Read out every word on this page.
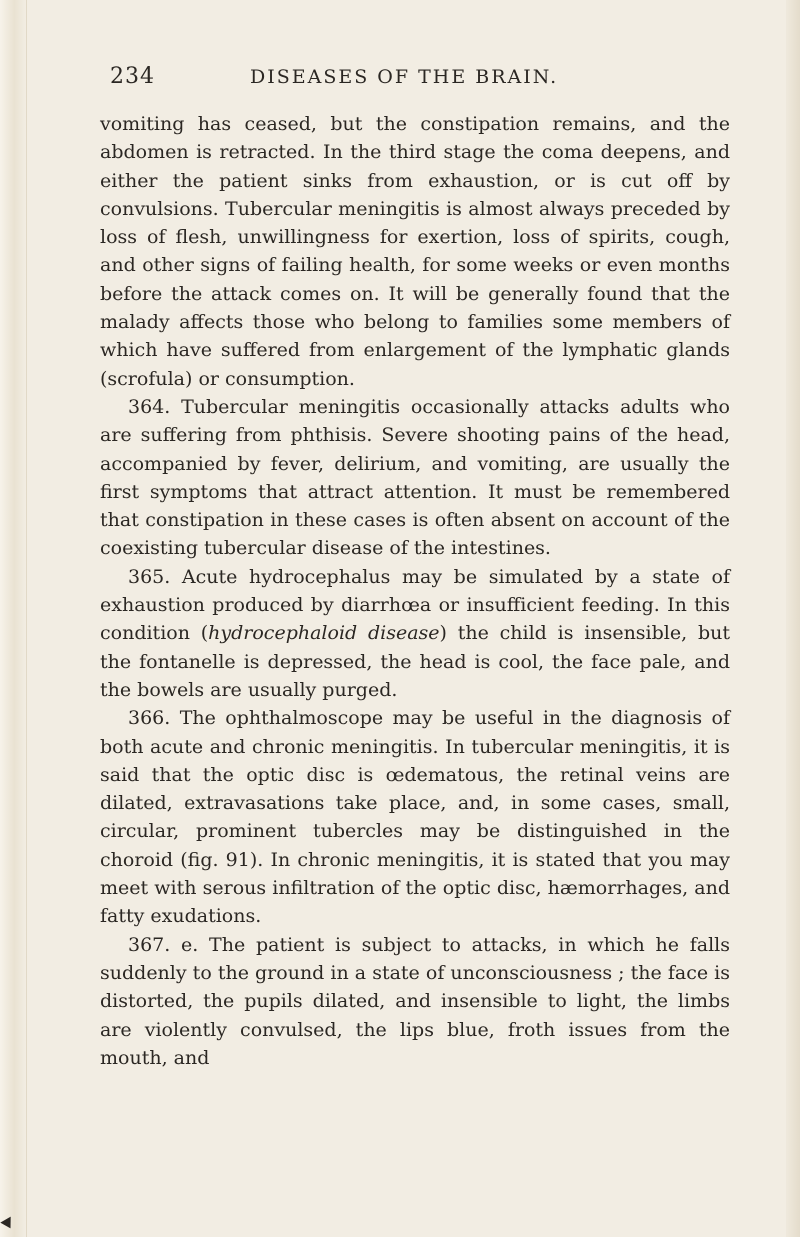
234	DISEASES OF THE BRAIN.

vomiting has ceased, but the constipation remains, and the abdomen is retracted. In the third stage the coma deepens, and either the patient sinks from exhaustion, or is cut off by convulsions. Tubercular meningitis is almost always preceded by loss of flesh, unwillingness for exertion, loss of spirits, cough, and other signs of failing health, for some weeks or even months before the attack comes on. It will be generally found that the malady affects those who belong to families some members of which have suffered from enlargement of the lymphatic glands (scrofula) or consumption.

364. Tubercular meningitis occasionally attacks adults who are suffering from phthisis. Severe shooting pains of the head, accompanied by fever, delirium, and vomiting, are usually the first symptoms that attract attention. It must be remembered that constipation in these cases is often absent on account of the coexisting tubercular disease of the intestines.

365. Acute hydrocephalus may be simulated by a state of exhaustion produced by diarrhœa or insufficient feeding. In this condition (hydrocephaloid disease) the child is insensible, but the fontanelle is depressed, the head is cool, the face pale, and the bowels are usually purged.

366. The ophthalmoscope may be useful in the diagnosis of both acute and chronic meningitis. In tubercular meningitis, it is said that the optic disc is œdematous, the retinal veins are dilated, extravasations take place, and, in some cases, small, circular, prominent tubercles may be distinguished in the choroid (fig. 91). In chronic meningitis, it is stated that you may meet with serous infiltration of the optic disc, hæmorrhages, and fatty exudations.

367. e. The patient is subject to attacks, in which he falls suddenly to the ground in a state of unconsciousness ; the face is distorted, the pupils dilated, and insensible to light, the limbs are violently convulsed, the lips blue, froth issues from the mouth, and
